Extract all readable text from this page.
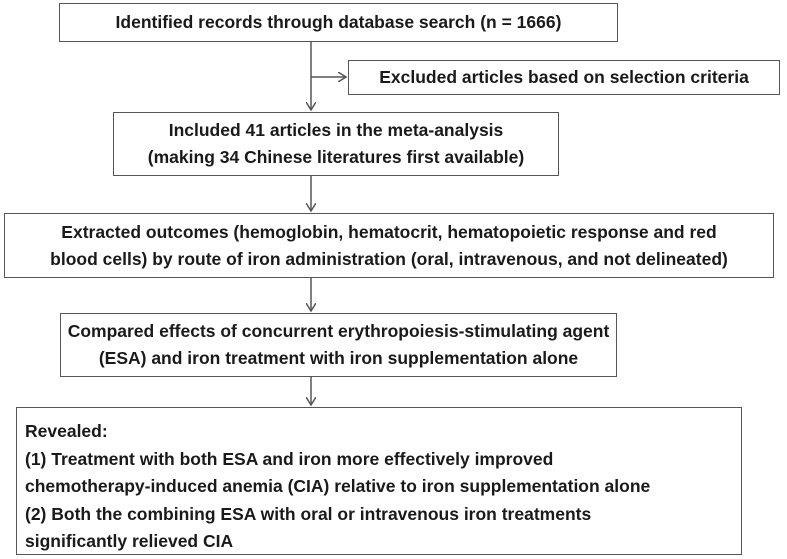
Identified records through database search (n = 1666)
Excluded articles based on selection criteria
Included 41 articles in the meta-analysis
(making 34 Chinese literatures first available)
Extracted outcomes (hemoglobin, hematocrit, hematopoietic response and red
blood cells) by route of iron administration (oral, intravenous, and not delineated)
Compared effects of concurrent erythropoiesis-stimulating agent
(ESA) and iron treatment with iron supplementation alone
Revealed:
(1) Treatment with both ESA and iron more effectively improved
chemotherapy-induced anemia (CIA) relative to iron supplementation alone
(2) Both the combining ESA with oral or intravenous iron treatments
significantly relieved CIA
